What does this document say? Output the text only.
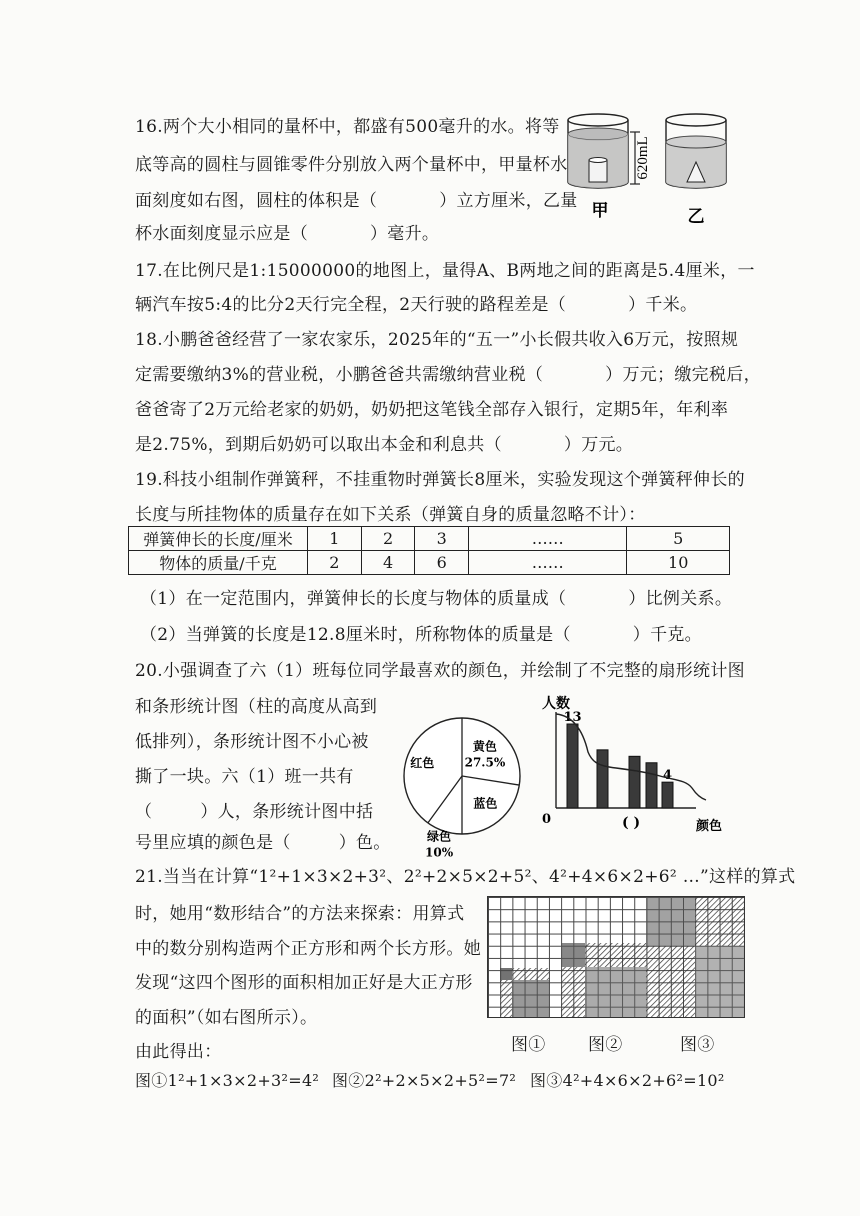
16.两个大小相同的量杯中，都盛有500毫升的水。将等
底等高的圆柱与圆锥零件分别放入两个量杯中，甲量杯水
面刻度如右图，圆柱的体积是（	）立方厘米，乙量
杯水面刻度显示应是（	）毫升。
620mL
甲	乙
17.在比例尺是1:15000000的地图上，量得A、B两地之间的距离是5.4厘米，一
辆汽车按5:4的比分2天行完全程，2天行驶的路程差是（	）千米。
18.小鹏爸爸经营了一家农家乐，2025年的“五一”小长假共收入6万元，按照规
定需要缴纳3%的营业税，小鹏爸爸共需缴纳营业税（	）万元；缴完税后，
爸爸寄了2万元给老家的奶奶，奶奶把这笔钱全部存入银行，定期5年，年利率
是2.75%，到期后奶奶可以取出本金和利息共（	）万元。
19.科技小组制作弹簧秤，不挂重物时弹簧长8厘米，实验发现这个弹簧秤伸长的
长度与所挂物体的质量存在如下关系（弹簧自身的质量忽略不计）：
弹簧伸长的长度/厘米	1	2	3	……	5
物体的质量/千克	2	4	6	……	10
（1）在一定范围内，弹簧伸长的长度与物体的质量成（	）比例关系。
（2）当弹簧的长度是12.8厘米时，所称物体的质量是（	）千克。
20.小强调查了六（1）班每位同学最喜欢的颜色，并绘制了不完整的扇形统计图
和条形统计图（柱的高度从高到
低排列），条形统计图不小心被
撕了一块。六（1）班一共有
（	）人，条形统计图中括
号里应填的颜色是（	）色。
黄色
27.5%
蓝色
绿色
10%
红色
人数
0	颜色
( )
13
4
21.当当在计算“1²+1×3×2+3²、2²+2×5×2+5²、4²+4×6×2+6² …”这样的算式
时，她用“数形结合”的方法来探索：用算式
中的数分别构造两个正方形和两个长方形。她
发现“这四个图形的面积相加正好是大正方形
的面积”（如右图所示）。
由此得出：	图① 图②	图③
图①1²+1×3×2+3²=4² 图②2²+2×5×2+5²=7² 图③4²+4×6×2+6²=10²
